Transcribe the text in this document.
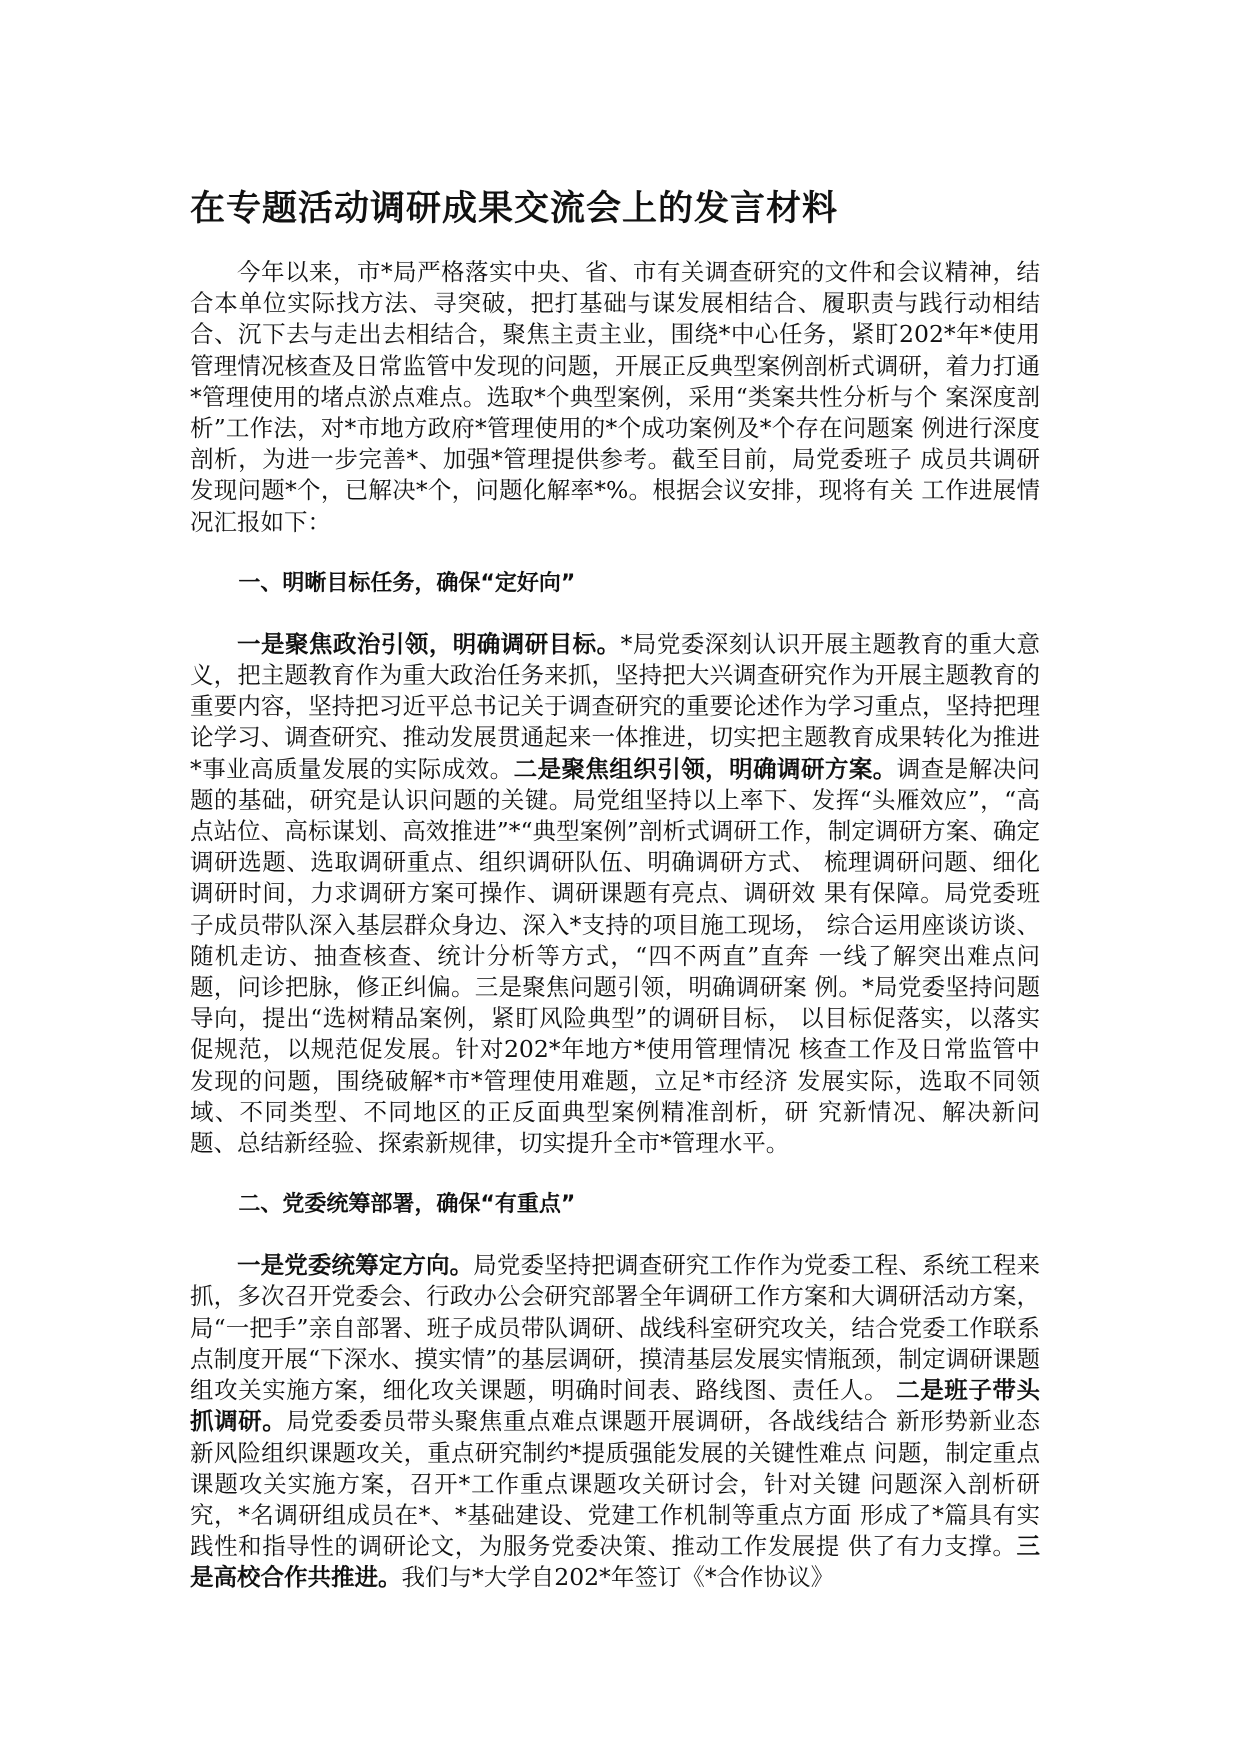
在专题活动调研成果交流会上的发言材料

今年以来，市*局严格落实中央、省、市有关调查研究的文件和会议精神，结合本单位实际找方法、寻突破，把打基础与谋发展相结合、履职责与践行动相结合、沉下去与走出去相结合，聚焦主责主业，围绕*中心任务，紧盯202*年*使用管理情况核查及日常监管中发现的问题，开展正反典型案例剖析式调研，着力打通*管理使用的堵点淤点难点。选取*个典型案例，采用“类案共性分析与个 案深度剖析”工作法，对*市地方政府*管理使用的*个成功案例及*个存在问题案 例进行深度剖析，为进一步完善*、加强*管理提供参考。截至目前，局党委班子 成员共调研发现问题*个，已解决*个，问题化解率*%。根据会议安排，现将有关 工作进展情况汇报如下：

一、明晰目标任务，确保“定好向”

一是聚焦政治引领，明确调研目标。*局党委深刻认识开展主题教育的重大意义，把主题教育作为重大政治任务来抓，坚持把大兴调查研究作为开展主题教育的重要内容，坚持把习近平总书记关于调查研究的重要论述作为学习重点，坚持把理论学习、调查研究、推动发展贯通起来一体推进，切实把主题教育成果转化为推进*事业高质量发展的实际成效。二是聚焦组织引领，明确调研方案。调查是解决问题的基础，研究是认识问题的关键。局党组坚持以上率下、发挥“头雁效应”，“高点站位、高标谋划、高效推进”*“典型案例”剖析式调研工作，制定调研方案、确定调研选题、选取调研重点、组织调研队伍、明确调研方式、 梳理调研问题、细化调研时间，力求调研方案可操作、调研课题有亮点、调研效 果有保障。局党委班子成员带队深入基层群众身边、深入*支持的项目施工现场， 综合运用座谈访谈、随机走访、抽查核查、统计分析等方式，“四不两直”直奔 一线了解突出难点问题，问诊把脉，修正纠偏。三是聚焦问题引领，明确调研案 例。*局党委坚持问题导向，提出“选树精品案例，紧盯风险典型”的调研目标， 以目标促落实，以落实促规范，以规范促发展。针对202*年地方*使用管理情况 核查工作及日常监管中发现的问题，围绕破解*市*管理使用难题，立足*市经济 发展实际，选取不同领域、不同类型、不同地区的正反面典型案例精准剖析，研 究新情况、解决新问题、总结新经验、探索新规律，切实提升全市*管理水平。

二、党委统筹部署，确保“有重点”

一是党委统筹定方向。局党委坚持把调查研究工作作为党委工程、系统工程来抓，多次召开党委会、行政办公会研究部署全年调研工作方案和大调研活动方案，局“一把手”亲自部署、班子成员带队调研、战线科室研究攻关，结合党委工作联系点制度开展“下深水、摸实情”的基层调研，摸清基层发展实情瓶颈，制定调研课题组攻关实施方案，细化攻关课题，明确时间表、路线图、责任人。 二是班子带头抓调研。局党委委员带头聚焦重点难点课题开展调研，各战线结合 新形势新业态新风险组织课题攻关，重点研究制约*提质强能发展的关键性难点 问题，制定重点课题攻关实施方案，召开*工作重点课题攻关研讨会，针对关键 问题深入剖析研究，*名调研组成员在*、*基础建设、党建工作机制等重点方面 形成了*篇具有实践性和指导性的调研论文，为服务党委决策、推动工作发展提 供了有力支撑。三是高校合作共推进。我们与*大学自202*年签订《*合作协议》
